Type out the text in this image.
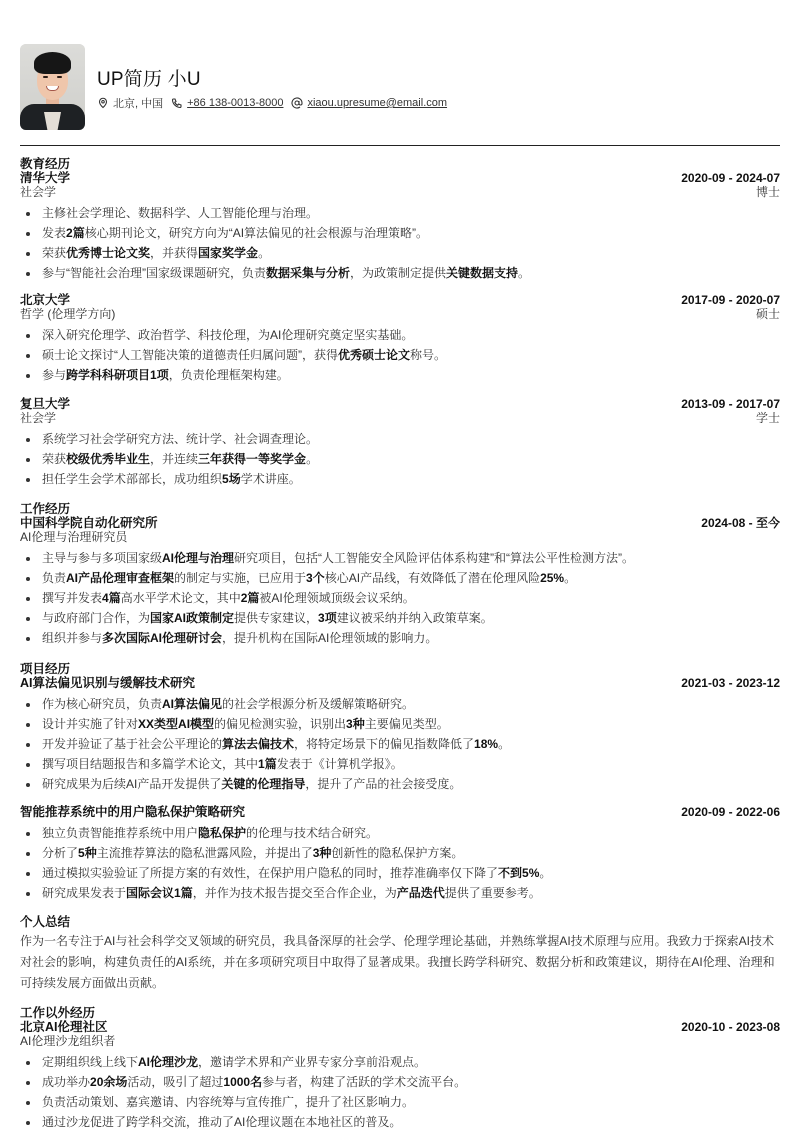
UP简历 小U
北京, 中国 +86 138-0013-8000 xiaou.upresume@email.com
教育经历
清华大学	2020-09 - 2024-07
社会学	博士
主修社会学理论、数据科学、人工智能伦理与治理。
发表2篇核心期刊论文，研究方向为“AI算法偏见的社会根源与治理策略”。
荣获优秀博士论文奖，并获得国家奖学金。
参与“智能社会治理”国家级课题研究，负责数据采集与分析，为政策制定提供关键数据支持。
北京大学	2017-09 - 2020-07
哲学 (伦理学方向)	硕士
深入研究伦理学、政治哲学、科技伦理，为AI伦理研究奠定坚实基础。
硕士论文探讨“人工智能决策的道德责任归属问题”，获得优秀硕士论文称号。
参与跨学科科研项目1项，负责伦理框架构建。
复旦大学	2013-09 - 2017-07
社会学	学士
系统学习社会学研究方法、统计学、社会调查理论。
荣获校级优秀毕业生，并连续三年获得一等奖学金。
担任学生会学术部部长，成功组织5场学术讲座。
工作经历
中国科学院自动化研究所	2024-08 - 至今
AI伦理与治理研究员
主导与参与多项国家级AI伦理与治理研究项目，包括“人工智能安全风险评估体系构建”和“算法公平性检测方法”。
负责AI产品伦理审查框架的制定与实施，已应用于3个核心AI产品线，有效降低了潜在伦理风险25%。
撰写并发表4篇高水平学术论文，其中2篇被AI伦理领域顶级会议采纳。
与政府部门合作，为国家AI政策制定提供专家建议，3项建议被采纳并纳入政策草案。
组织并参与多次国际AI伦理研讨会，提升机构在国际AI伦理领域的影响力。
项目经历
AI算法偏见识别与缓解技术研究	2021-03 - 2023-12
作为核心研究员，负责AI算法偏见的社会学根源分析及缓解策略研究。
设计并实施了针对XX类型AI模型的偏见检测实验，识别出3种主要偏见类型。
开发并验证了基于社会公平理论的算法去偏技术，将特定场景下的偏见指数降低了18%。
撰写项目结题报告和多篇学术论文，其中1篇发表于《计算机学报》。
研究成果为后续AI产品开发提供了关键的伦理指导，提升了产品的社会接受度。
智能推荐系统中的用户隐私保护策略研究	2020-09 - 2022-06
独立负责智能推荐系统中用户隐私保护的伦理与技术结合研究。
分析了5种主流推荐算法的隐私泄露风险，并提出了3种创新性的隐私保护方案。
通过模拟实验验证了所提方案的有效性，在保护用户隐私的同时，推荐准确率仅下降了不到5%。
研究成果发表于国际会议1篇，并作为技术报告提交至合作企业，为产品迭代提供了重要参考。
个人总结
作为一名专注于AI与社会科学交叉领域的研究员，我具备深厚的社会学、伦理学理论基础，并熟练掌握AI技术原理与应用。我致力于探索AI技术对社会的影响，构建负责任的AI系统，并在多项研究项目中取得了显著成果。我擅长跨学科研究、数据分析和政策建议，期待在AI伦理、治理和可持续发展方面做出贡献。
工作以外经历
北京AI伦理社区	2020-10 - 2023-08
AI伦理沙龙组织者
定期组织线上线下AI伦理沙龙，邀请学术界和产业界专家分享前沿观点。
成功举办20余场活动，吸引了超过1000名参与者，构建了活跃的学术交流平台。
负责活动策划、嘉宾邀请、内容统筹与宣传推广，提升了社区影响力。
通过沙龙促进了跨学科交流，推动了AI伦理议题在本地社区的普及。
